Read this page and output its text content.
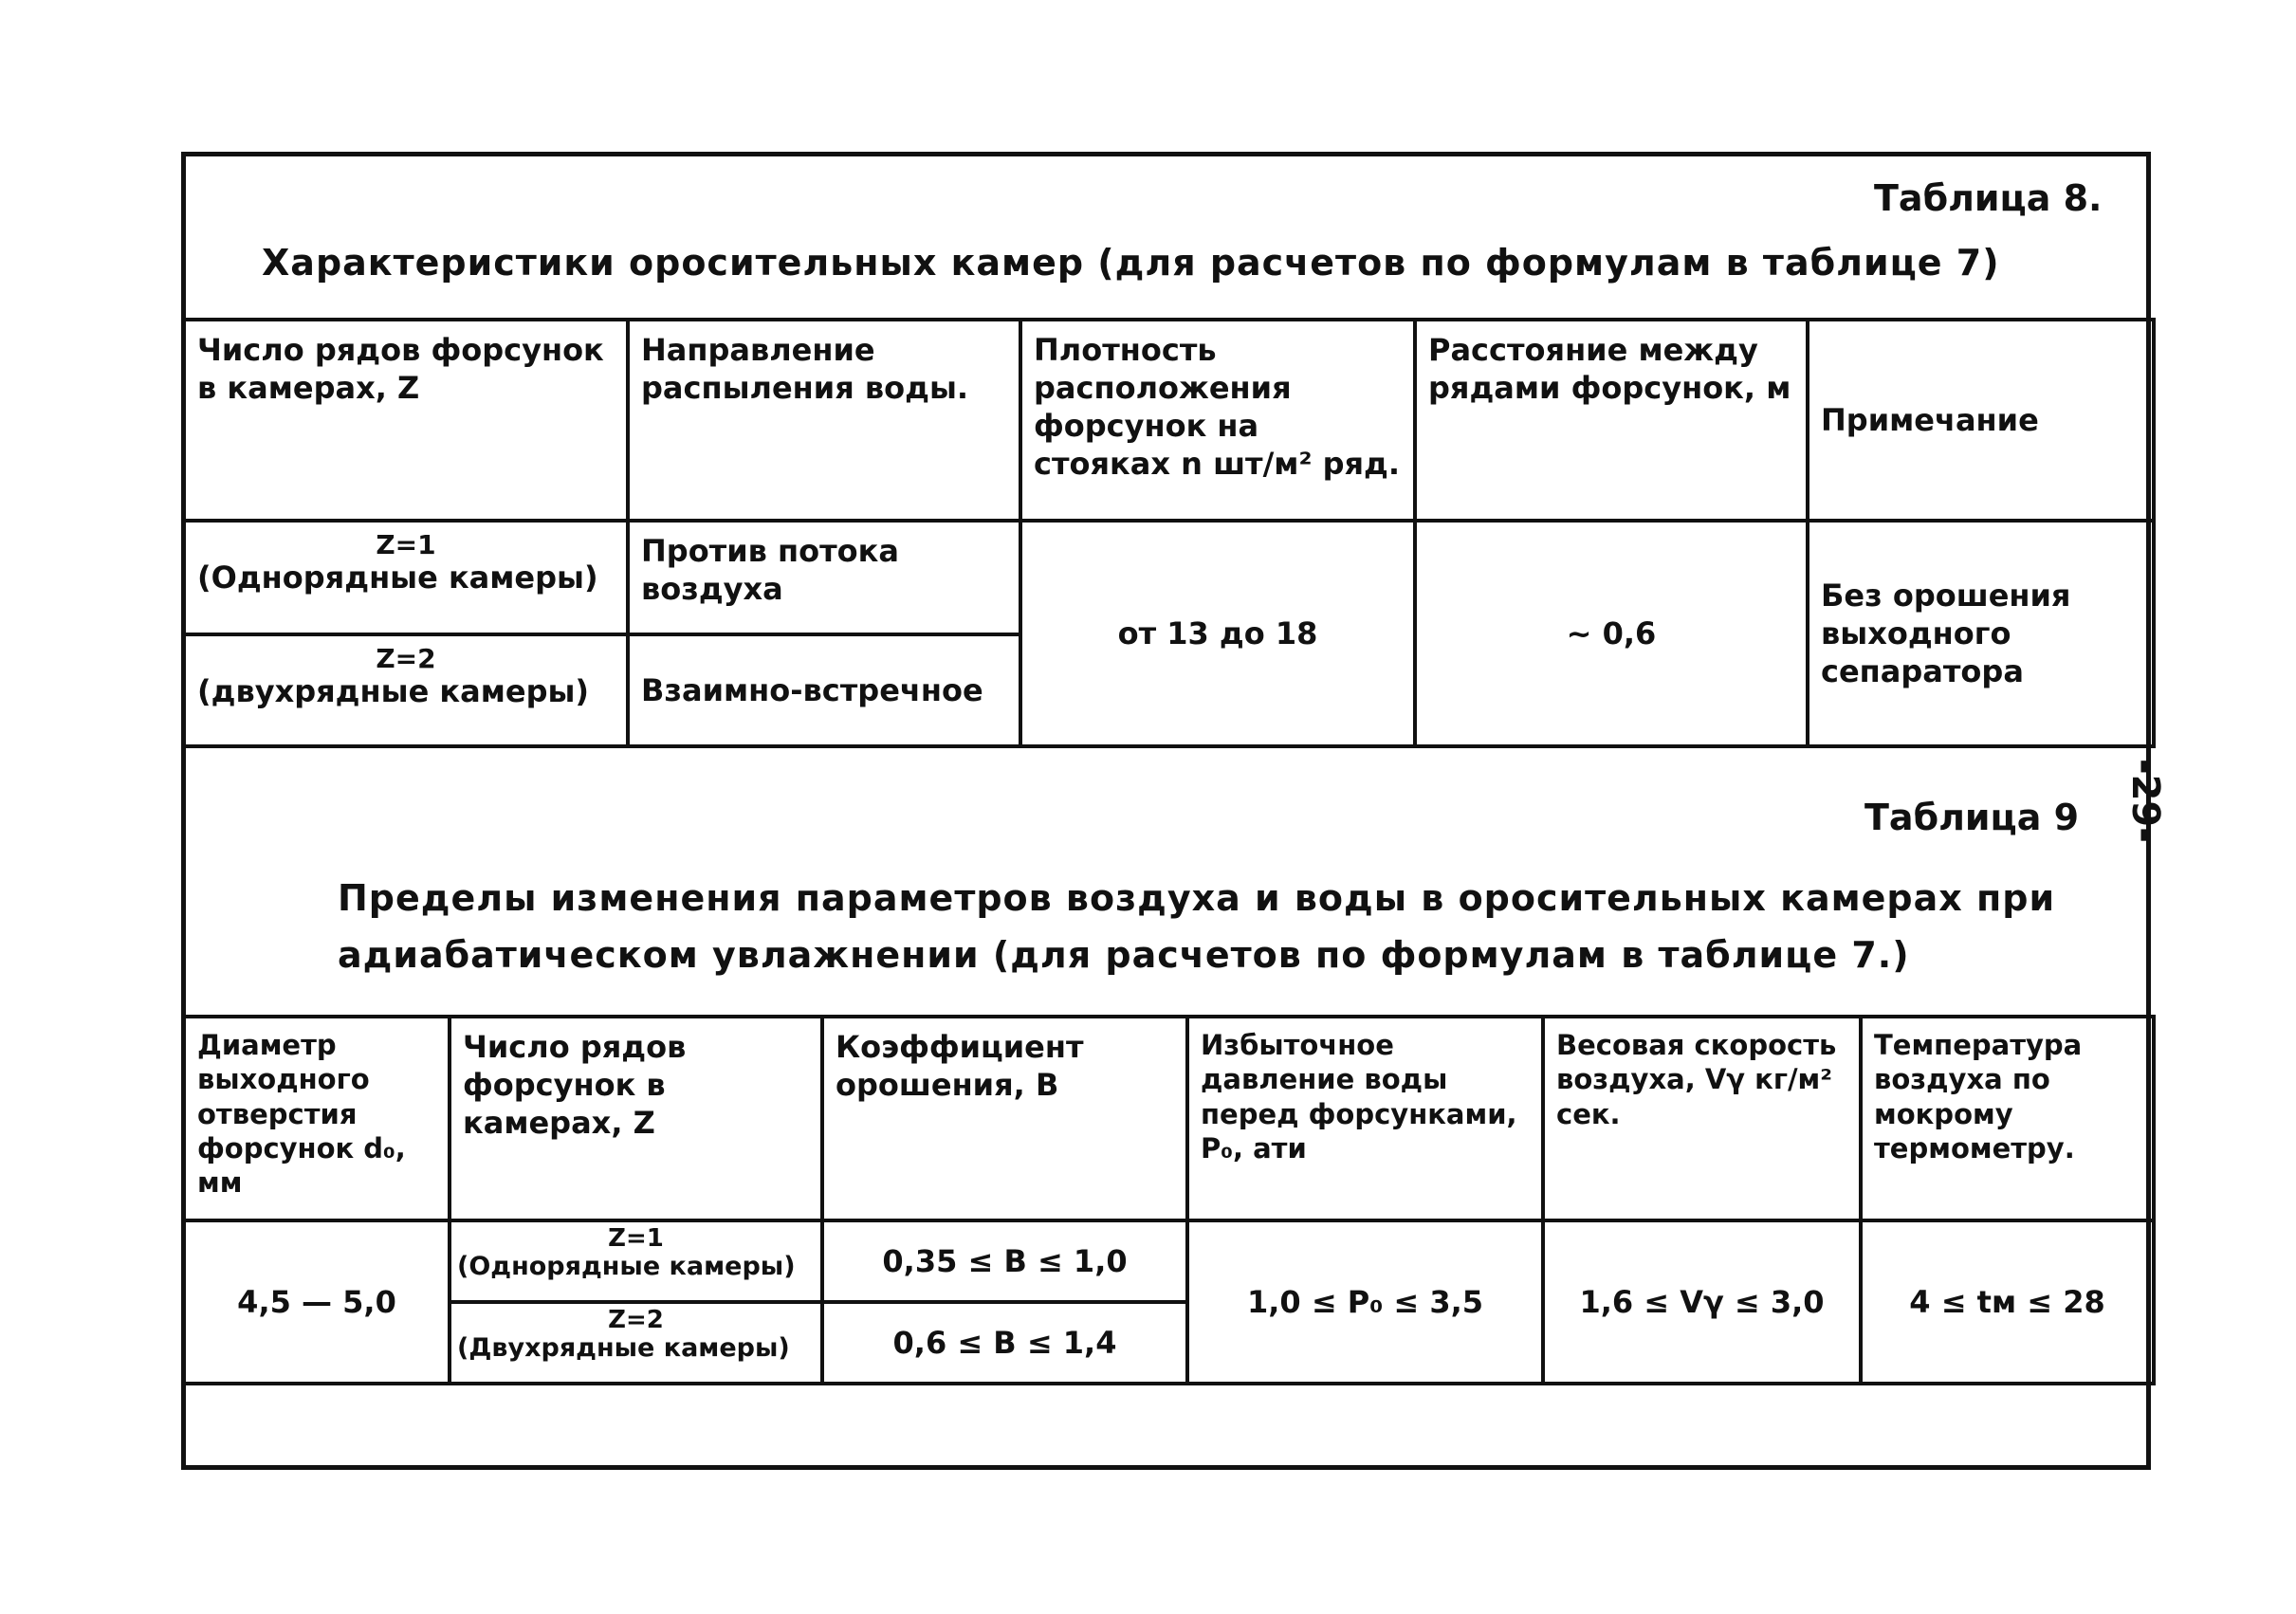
Таблица 8.
Характеристики оросительных камер (для расчетов по формулам в таблице 7)
Число рядов форсунок в камерах, Z	Направление распыления воды.	Плотность расположения форсунок на стояках n шт/м² ряд.	Расстояние между рядами форсунок, м	Примечание

Z=1
(Однорядные камеры)	Против потока воздуха	от 13 до 18	~ 0,6	Без орошения выходного сепаратора

Z=2
(двухрядные камеры)	Взаимно-встречное			
Таблица 9
Пределы изменения параметров воздуха и воды в оросительных камерах при
адиабатическом увлажнении (для расчетов по формулам в таблице 7.)
Диаметр выходного отверстия форсунок d₀, мм	Число рядов форсунок в камерах, Z	Коэффициент орошения, B	Избыточное давление воды перед форсунками, P₀, ати	Весовая скорость воздуха, Vγ кг/м² сек.	Температура воздуха по мокрому термометру.
4,5 — 5,0	Z=1
(Однорядные камеры)	0,35 ≤ B ≤ 1,0	1,0 ≤ P₀ ≤ 3,5	1,6 ≤ Vγ ≤ 3,0	4 ≤ tм ≤ 28

	Z=2
(Двухрядные камеры)	0,6 ≤ B ≤ 1,4			
-29-
